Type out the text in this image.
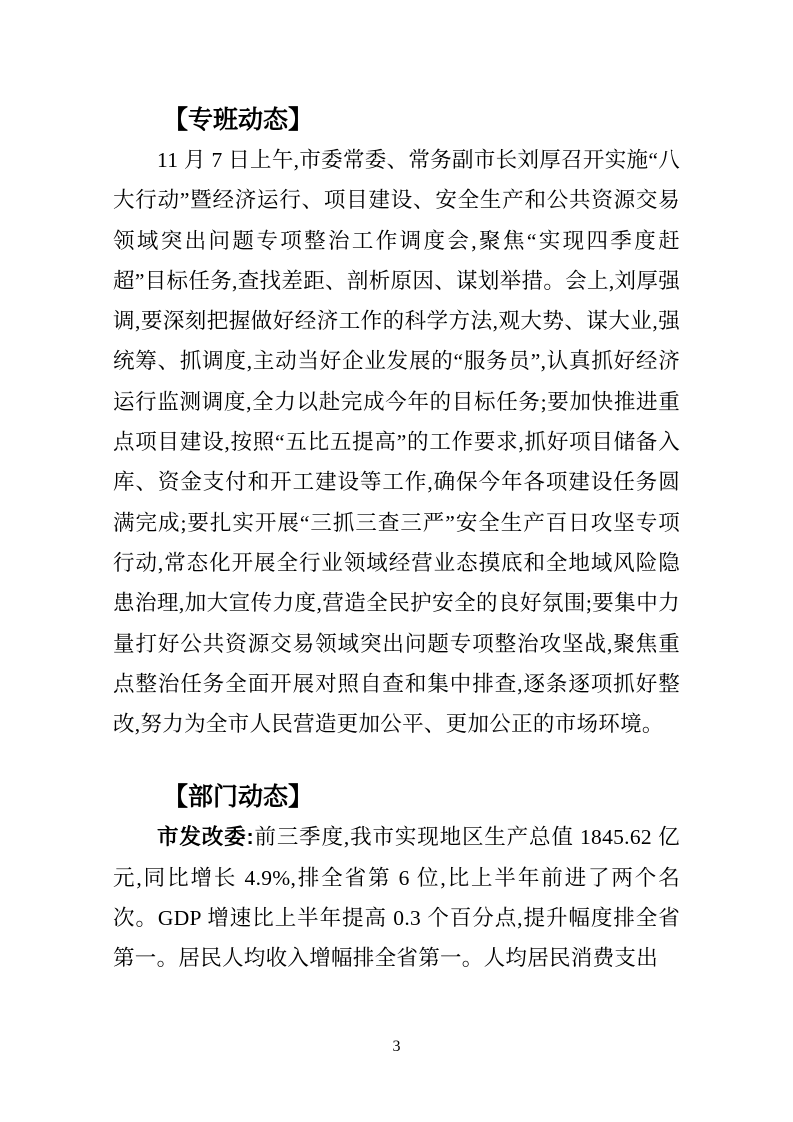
【专班动态】

11 月 7 日上午,市委常委、常务副市长刘厚召开实施“八大行动”暨经济运行、项目建设、安全生产和公共资源交易领域突出问题专项整治工作调度会,聚焦“实现四季度赶超”目标任务,查找差距、剖析原因、谋划举措。会上,刘厚强调,要深刻把握做好经济工作的科学方法,观大势、谋大业,强统筹、抓调度,主动当好企业发展的“服务员”,认真抓好经济运行监测调度,全力以赴完成今年的目标任务;要加快推进重点项目建设,按照“五比五提高”的工作要求,抓好项目储备入库、资金支付和开工建设等工作,确保今年各项建设任务圆满完成;要扎实开展“三抓三查三严”安全生产百日攻坚专项行动,常态化开展全行业领域经营业态摸底和全地域风险隐患治理,加大宣传力度,营造全民护安全的良好氛围;要集中力量打好公共资源交易领域突出问题专项整治攻坚战,聚焦重点整治任务全面开展对照自查和集中排查,逐条逐项抓好整改,努力为全市人民营造更加公平、更加公正的市场环境。

【部门动态】

市发改委:前三季度,我市实现地区生产总值 1845.62 亿元,同比增长 4.9%,排全省第 6 位,比上半年前进了两个名次。GDP 增速比上半年提高 0.3 个百分点,提升幅度排全省第一。居民人均收入增幅排全省第一。人均居民消费支出

3
